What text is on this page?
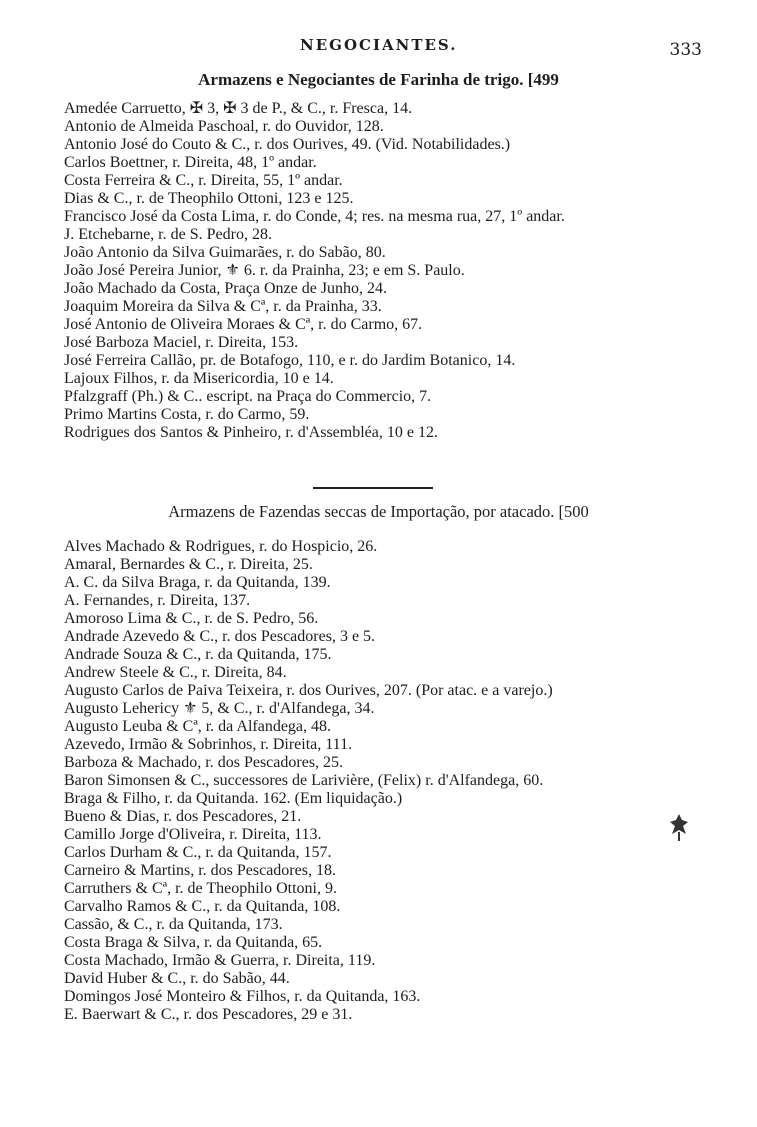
NEGOCIANTES.	333
Armazens e Negociantes de Farinha de trigo. [499
Amedée Carruetto, ✠ 3, ✠ 3 de P., & C., r. Fresca, 14.
Antonio de Almeida Paschoal, r. do Ouvidor, 128.
Antonio José do Couto & C., r. dos Ourives, 49. (Vid. Notabilidades.)
Carlos Boettner, r. Direita, 48, 1º andar.
Costa Ferreira & C., r. Direita, 55, 1º andar.
Dias & C., r. de Theophilo Ottoni, 123 e 125.
Francisco José da Costa Lima, r. do Conde, 4; res. na mesma rua, 27, 1º andar.
J. Etchebarne, r. de S. Pedro, 28.
João Antonio da Silva Guimarães, r. do Sabão, 80.
João José Pereira Junior, ⚜ 6. r. da Prainha, 23; e em S. Paulo.
João Machado da Costa, Praça Onze de Junho, 24.
Joaquim Moreira da Silva & Cª, r. da Prainha, 33.
José Antonio de Oliveira Moraes & Cª, r. do Carmo, 67.
José Barboza Maciel, r. Direita, 153.
José Ferreira Callão, pr. de Botafogo, 110, e r. do Jardim Botanico, 14.
Lajoux Filhos, r. da Misericordia, 10 e 14.
Pfalzgraff (Ph.) & C.. escript. na Praça do Commercio, 7.
Primo Martins Costa, r. do Carmo, 59.
Rodrigues dos Santos & Pinheiro, r. d'Assembléa, 10 e 12.
Armazens de Fazendas seccas de Importação, por atacado. [500
Alves Machado & Rodrigues, r. do Hospicio, 26.
Amaral, Bernardes & C., r. Direita, 25.
A. C. da Silva Braga, r. da Quitanda, 139.
A. Fernandes, r. Direita, 137.
Amoroso Lima & C., r. de S. Pedro, 56.
Andrade Azevedo & C., r. dos Pescadores, 3 e 5.
Andrade Souza & C., r. da Quitanda, 175.
Andrew Steele & C., r. Direita, 84.
Augusto Carlos de Paiva Teixeira, r. dos Ourives, 207. (Por atac. e a varejo.)
Augusto Lehericy ⚜ 5, & C., r. d'Alfandega, 34.
Augusto Leuba & Cª, r. da Alfandega, 48.
Azevedo, Irmão & Sobrinhos, r. Direita, 111.
Barboza & Machado, r. dos Pescadores, 25.
Baron Simonsen & C., successores de Larivière, (Felix) r. d'Alfandega, 60.
Braga & Filho, r. da Quitanda. 162. (Em liquidação.)
Bueno & Dias, r. dos Pescadores, 21.
Camillo Jorge d'Oliveira, r. Direita, 113.
Carlos Durham & C., r. da Quitanda, 157.
Carneiro & Martins, r. dos Pescadores, 18.
Carruthers & Cª, r. de Theophilo Ottoni, 9.
Carvalho Ramos & C., r. da Quitanda, 108.
Cassão, & C., r. da Quitanda, 173.
Costa Braga & Silva, r. da Quitanda, 65.
Costa Machado, Irmão & Guerra, r. Direita, 119.
David Huber & C., r. do Sabão, 44.
Domingos José Monteiro & Filhos, r. da Quitanda, 163.
E. Baerwart & C., r. dos Pescadores, 29 e 31.
